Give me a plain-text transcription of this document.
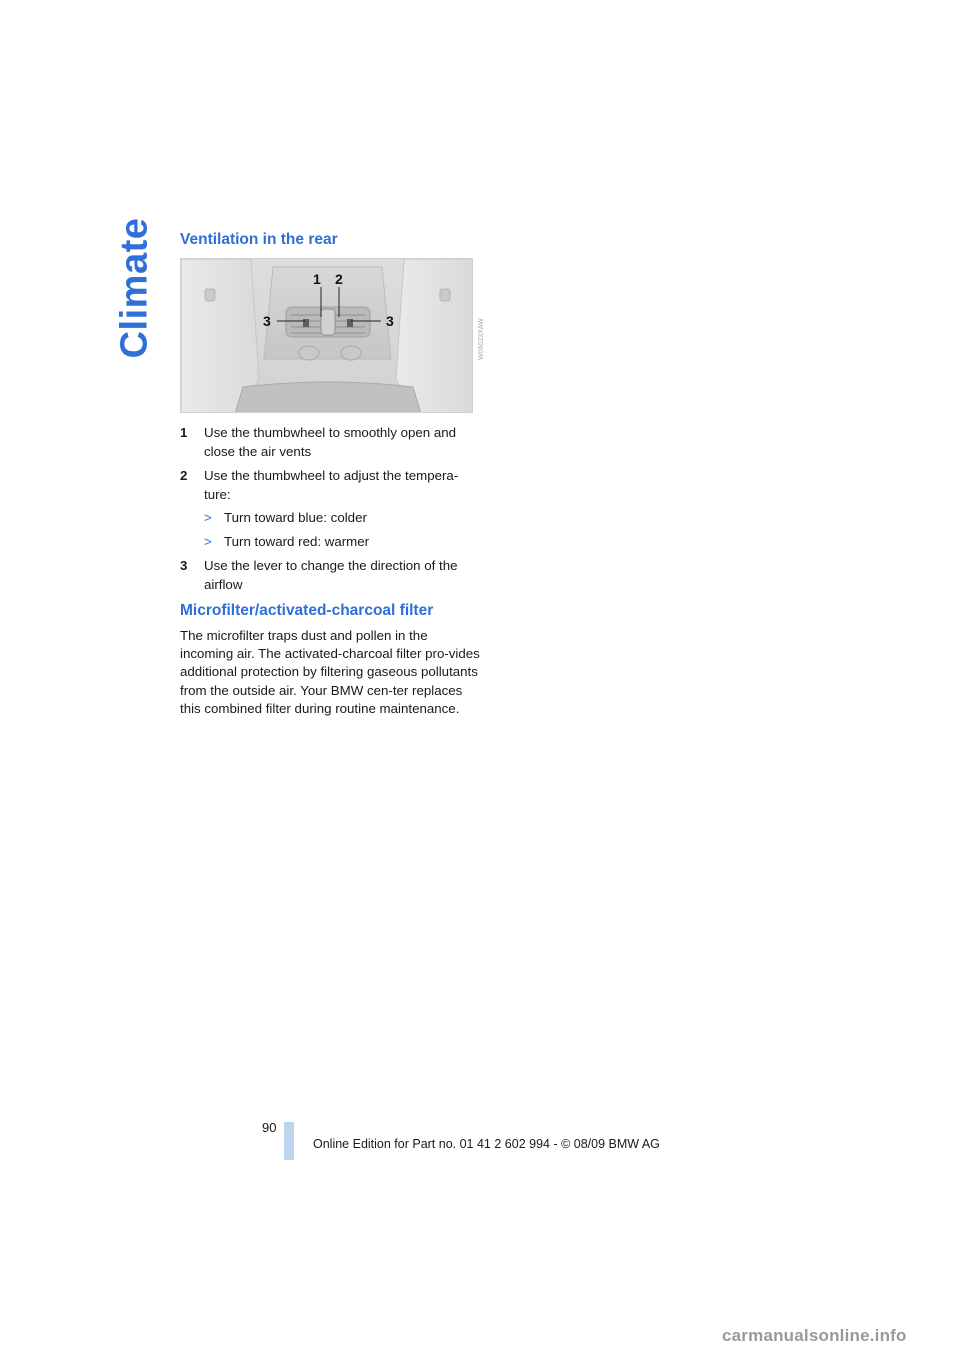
Climate Ventilation in the rear
1 2
3	3	W06023XAW
1 Use the thumbwheel to smoothly open and close the air vents
2 Use the thumbwheel to adjust the tempera-ture:
> Turn toward blue: colder
> Turn toward red: warmer
3 Use the lever to change the direction of the airflow
Microfilter/activated-charcoal filter

The microfilter traps dust and pollen in the incoming air. The activated-charcoal filter pro-vides additional protection by filtering gaseous pollutants from the outside air. Your BMW cen-ter replaces this combined filter during routine maintenance.

90
Online Edition for Part no. 01 41 2 602 994 - © 08/09 BMW AG
carmanualsonline.info
